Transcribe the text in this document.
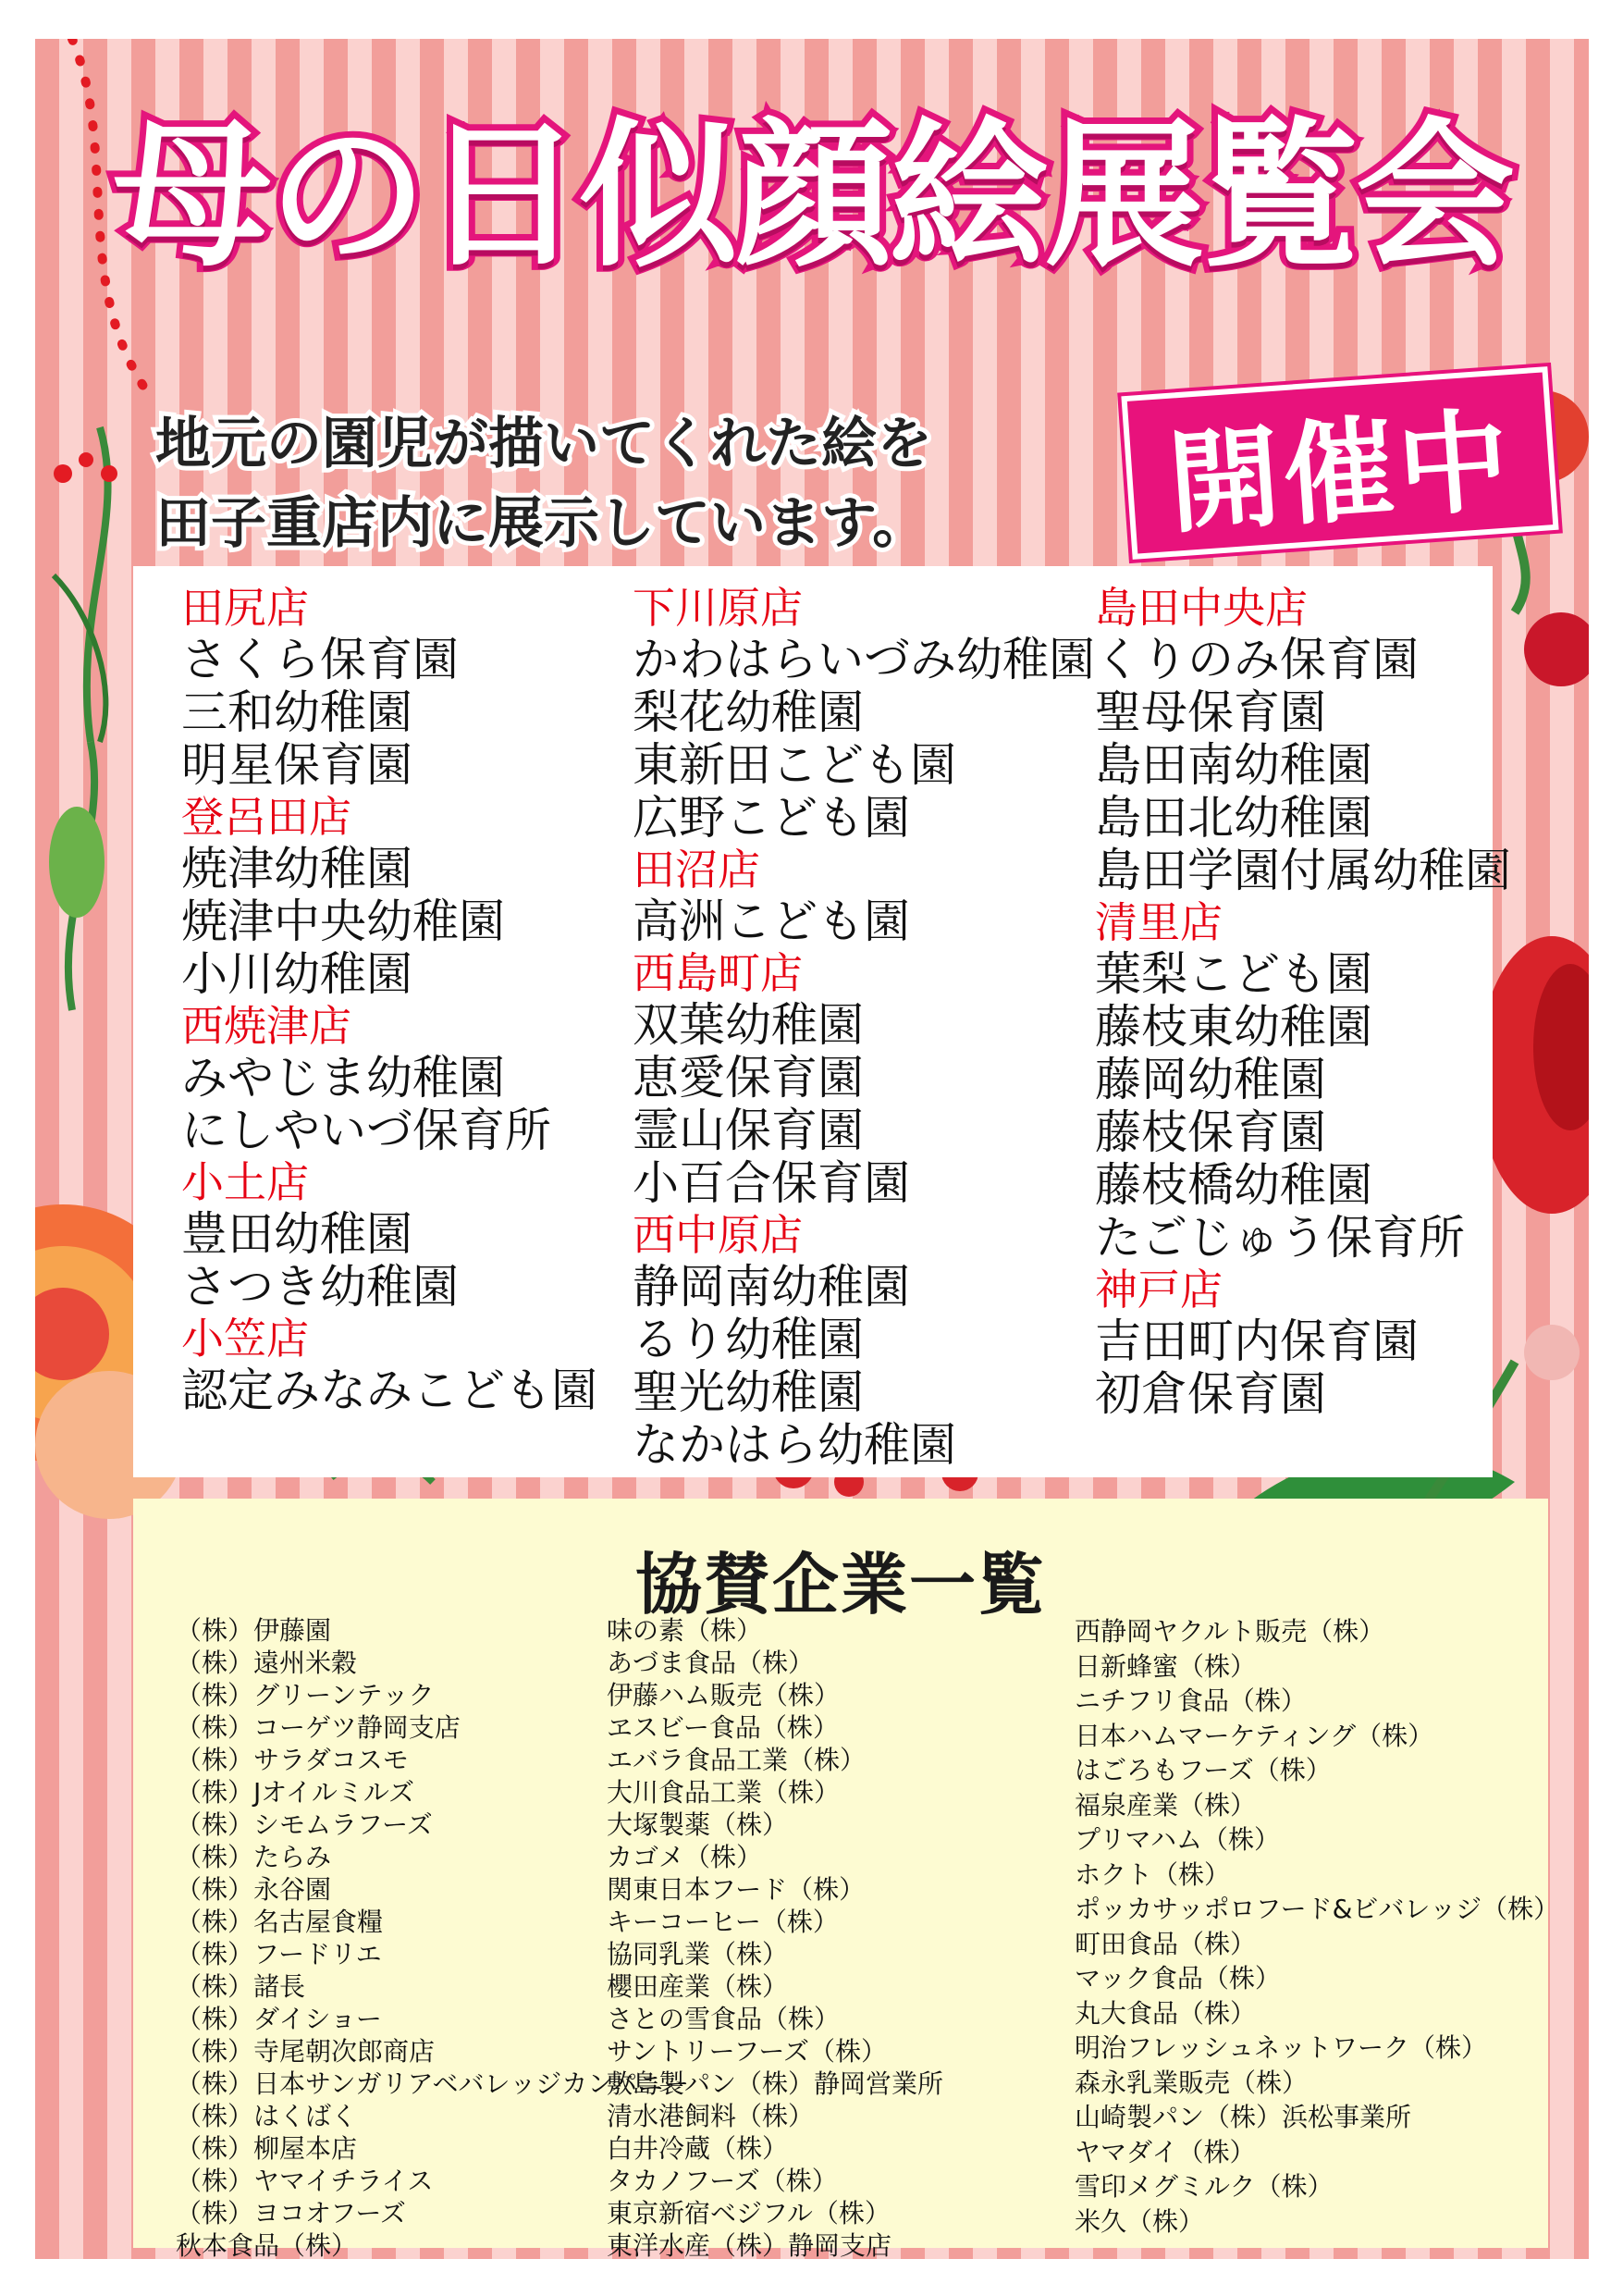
母の日似顔絵展覧会
地元の園児が描いてくれた絵を
田子重店内に展示しています。	開催中
田尻店
さくら保育園
三和幼稚園
明星保育園
登呂田店
焼津幼稚園
焼津中央幼稚園
小川幼稚園
西焼津店
みやじま幼稚園
にしやいづ保育所
小土店
豊田幼稚園
さつき幼稚園
小笠店
認定みなみこども園
下川原店
かわはらいづみ幼稚園
梨花幼稚園
東新田こども園
広野こども園
田沼店
高洲こども園
西島町店
双葉幼稚園
恵愛保育園
霊山保育園
小百合保育園
西中原店
静岡南幼稚園
るり幼稚園
聖光幼稚園
なかはら幼稚園
島田中央店
くりのみ保育園
聖母保育園
島田南幼稚園
島田北幼稚園
島田学園付属幼稚園
清里店
葉梨こども園
藤枝東幼稚園
藤岡幼稚園
藤枝保育園
藤枝橋幼稚園
たごじゅう保育所
神戸店
吉田町内保育園
初倉保育園
協賛企業一覧
（株）伊藤園
（株）遠州米穀
（株）グリーンテック
（株）コーゲツ静岡支店
（株）サラダコスモ
（株）Jオイルミルズ
（株）シモムラフーズ
（株）たらみ
（株）永谷園
（株）名古屋食糧
（株）フードリエ
（株）諸長
（株）ダイショー
（株）寺尾朝次郎商店
（株）日本サンガリアベバレッジカンパニー
（株）はくばく
（株）柳屋本店
（株）ヤマイチライス
（株）ヨコオフーズ
秋本食品（株）
味の素（株）
あづま食品（株）
伊藤ハム販売（株）
ヱスビー食品（株）
エバラ食品工業（株）
大川食品工業（株）
大塚製薬（株）
カゴメ（株）
関東日本フード（株）
キーコーヒー（株）
協同乳業（株）
櫻田産業（株）
さとの雪食品（株）
サントリーフーズ（株）
敷島製パン（株）静岡営業所
清水港飼料（株）
白井冷蔵（株）
タカノフーズ（株）
東京新宿ベジフル（株）
東洋水産（株）静岡支店
西静岡ヤクルト販売（株）
日新蜂蜜（株）
ニチフリ食品（株）
日本ハムマーケティング（株）
はごろもフーズ（株）
福泉産業（株）
プリマハム（株）
ホクト（株）
ポッカサッポロフード&ビバレッジ（株）
町田食品（株）
マック食品（株）
丸大食品（株）
明治フレッシュネットワーク（株）
森永乳業販売（株）
山崎製パン（株）浜松事業所
ヤマダイ（株）
雪印メグミルク（株）
米久（株）
